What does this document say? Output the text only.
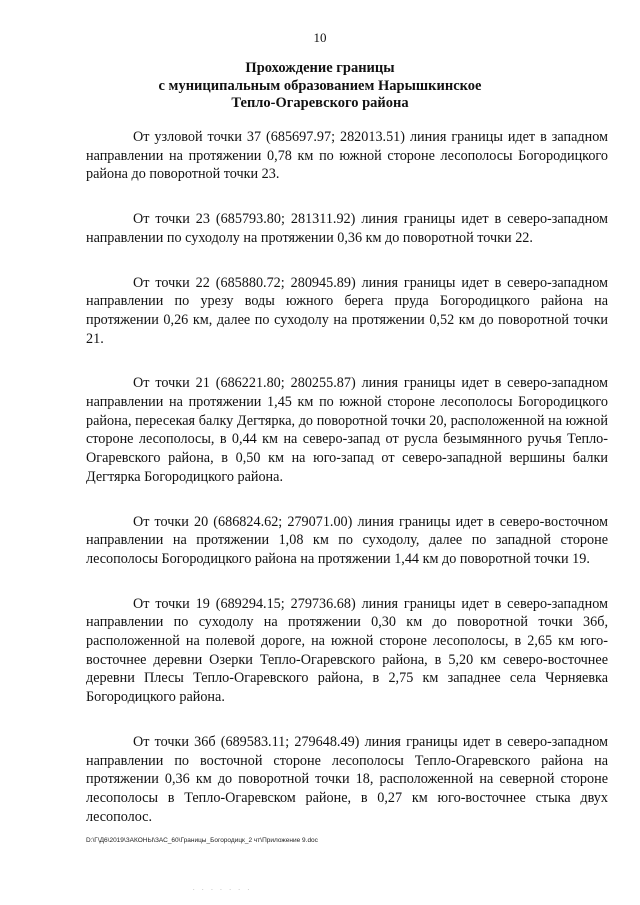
10
Прохождение границы
с муниципальным образованием Нарышкинское
Тепло-Огаревского района

От узловой точки 37 (685697.97; 282013.51) линия границы идет в западном направлении на протяжении 0,78 км по южной стороне лесополосы Богородицкого района до поворотной точки 23.

От точки 23 (685793.80; 281311.92) линия границы идет в северо-западном направлении по суходолу на протяжении 0,36 км до поворотной точки 22.

От точки 22 (685880.72; 280945.89) линия границы идет в северо-западном направлении по урезу воды южного берега пруда Богородицкого района на протяжении 0,26 км, далее по суходолу на протяжении 0,52 км до поворотной точки 21.

От точки 21 (686221.80; 280255.87) линия границы идет в северо-западном направлении на протяжении 1,45 км по южной стороне лесополосы Богородицкого района, пересекая балку Дегтярка, до поворотной точки 20, расположенной на южной стороне лесополосы, в 0,44 км на северо-запад от русла безымянного ручья Тепло-Огаревского района, в 0,50 км на юго-запад от северо-западной вершины балки Дегтярка Богородицкого района.

От точки 20 (686824.62; 279071.00) линия границы идет в северо-восточном направлении на протяжении 1,08 км по суходолу, далее по западной стороне лесополосы Богородицкого района на протяжении 1,44 км до поворотной точки 19.

От точки 19 (689294.15; 279736.68) линия границы идет в северо-западном направлении по суходолу на протяжении 0,30 км до поворотной точки 36б, расположенной на полевой дороге, на южной стороне лесополосы, в 2,65 км юго-восточнее деревни Озерки Тепло-Огаревского района, в 5,20 км северо-восточнее деревни Плесы Тепло-Огаревского района, в 2,75 км западнее села Черняевка Богородицкого района.

От точки 36б (689583.11; 279648.49) линия границы идет в северо-западном направлении по восточной стороне лесополосы Тепло-Огаревского района на протяжении 0,36 км до поворотной точки 18, расположенной на северной стороне лесополосы в Тепло-Огаревском районе, в 0,27 км юго-восточнее стыка двух лесополос.

D:\Г\Д6\2019\ЗАКОНЫ\ЗАС_60\Границы_Богородицк_2 чт\Приложение 9.doc
· · · · · · ·
